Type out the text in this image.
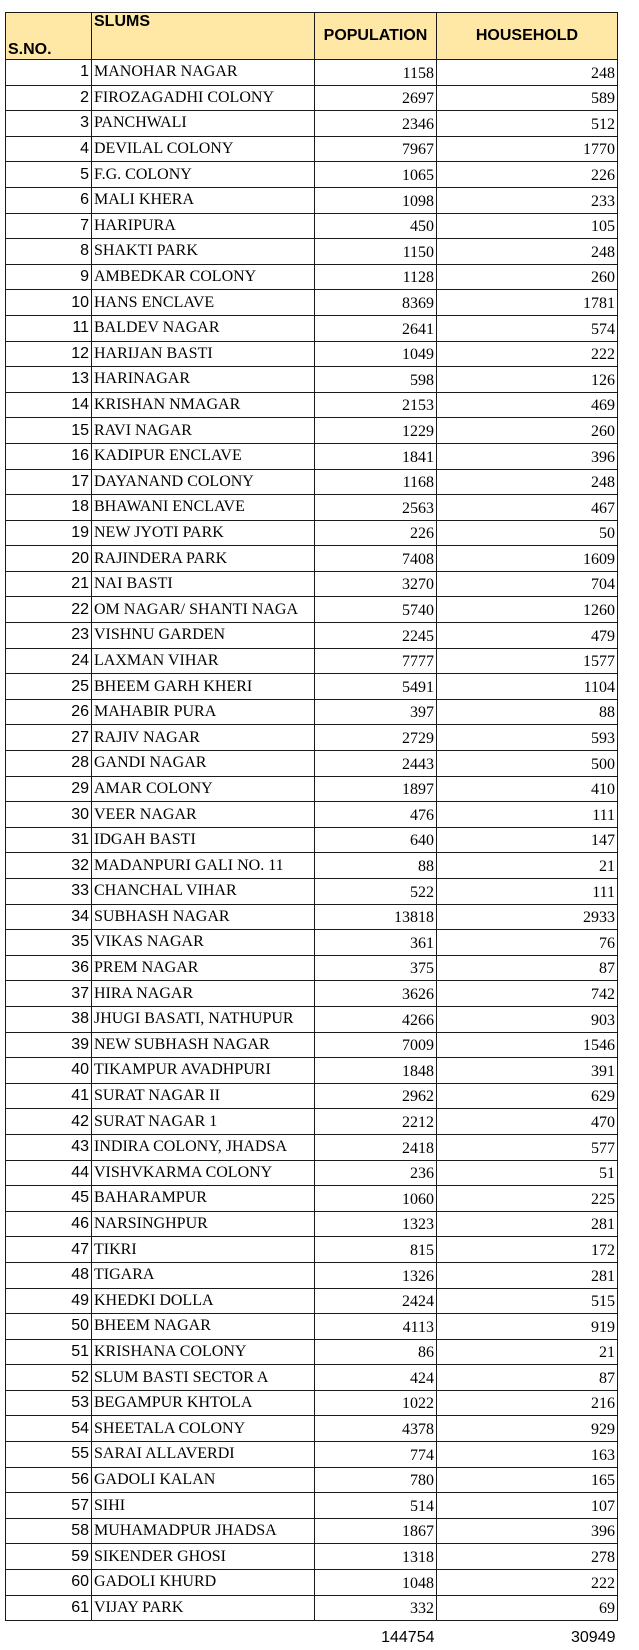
S.NO.	SLUMS	POPULATION	HOUSEHOLD
1	MANOHAR NAGAR	1158	248
2	FIROZAGADHI COLONY	2697	589
3	PANCHWALI	2346	512
4	DEVILAL COLONY	7967	1770
5	F.G. COLONY	1065	226
6	MALI KHERA	1098	233
7	HARIPURA	450	105
8	SHAKTI PARK	1150	248
9	AMBEDKAR COLONY	1128	260
10	HANS ENCLAVE	8369	1781
11	BALDEV NAGAR	2641	574
12	HARIJAN BASTI	1049	222
13	HARINAGAR	598	126
14	KRISHAN NMAGAR	2153	469
15	RAVI NAGAR	1229	260
16	KADIPUR ENCLAVE	1841	396
17	DAYANAND COLONY	1168	248
18	BHAWANI ENCLAVE	2563	467
19	NEW JYOTI PARK	226	50
20	RAJINDERA PARK	7408	1609
21	NAI BASTI	3270	704
22	OM NAGAR/ SHANTI NAGA	5740	1260
23	VISHNU GARDEN	2245	479
24	LAXMAN VIHAR	7777	1577
25	BHEEM GARH KHERI	5491	1104
26	MAHABIR PURA	397	88
27	RAJIV NAGAR	2729	593
28	GANDI NAGAR	2443	500
29	AMAR COLONY	1897	410
30	VEER NAGAR	476	111
31	IDGAH BASTI	640	147
32	MADANPURI GALI NO. 11	88	21
33	CHANCHAL VIHAR	522	111
34	SUBHASH NAGAR	13818	2933
35	VIKAS NAGAR	361	76
36	PREM NAGAR	375	87
37	HIRA NAGAR	3626	742
38	JHUGI BASATI, NATHUPUR	4266	903
39	NEW SUBHASH NAGAR	7009	1546
40	TIKAMPUR AVADHPURI	1848	391
41	SURAT NAGAR II	2962	629
42	SURAT NAGAR 1	2212	470
43	INDIRA COLONY, JHADSA	2418	577
44	VISHVKARMA COLONY	236	51
45	BAHARAMPUR	1060	225
46	NARSINGHPUR	1323	281
47	TIKRI	815	172
48	TIGARA	1326	281
49	KHEDKI DOLLA	2424	515
50	BHEEM NAGAR	4113	919
51	KRISHANA COLONY	86	21
52	SLUM BASTI SECTOR A	424	87
53	BEGAMPUR KHTOLA	1022	216
54	SHEETALA COLONY	4378	929
55	SARAI ALLAVERDI	774	163
56	GADOLI KALAN	780	165
57	SIHI	514	107
58	MUHAMADPUR JHADSA	1867	396
59	SIKENDER GHOSI	1318	278
60	GADOLI KHURD	1048	222
61	VIJAY PARK	332	69
		144754	30949
